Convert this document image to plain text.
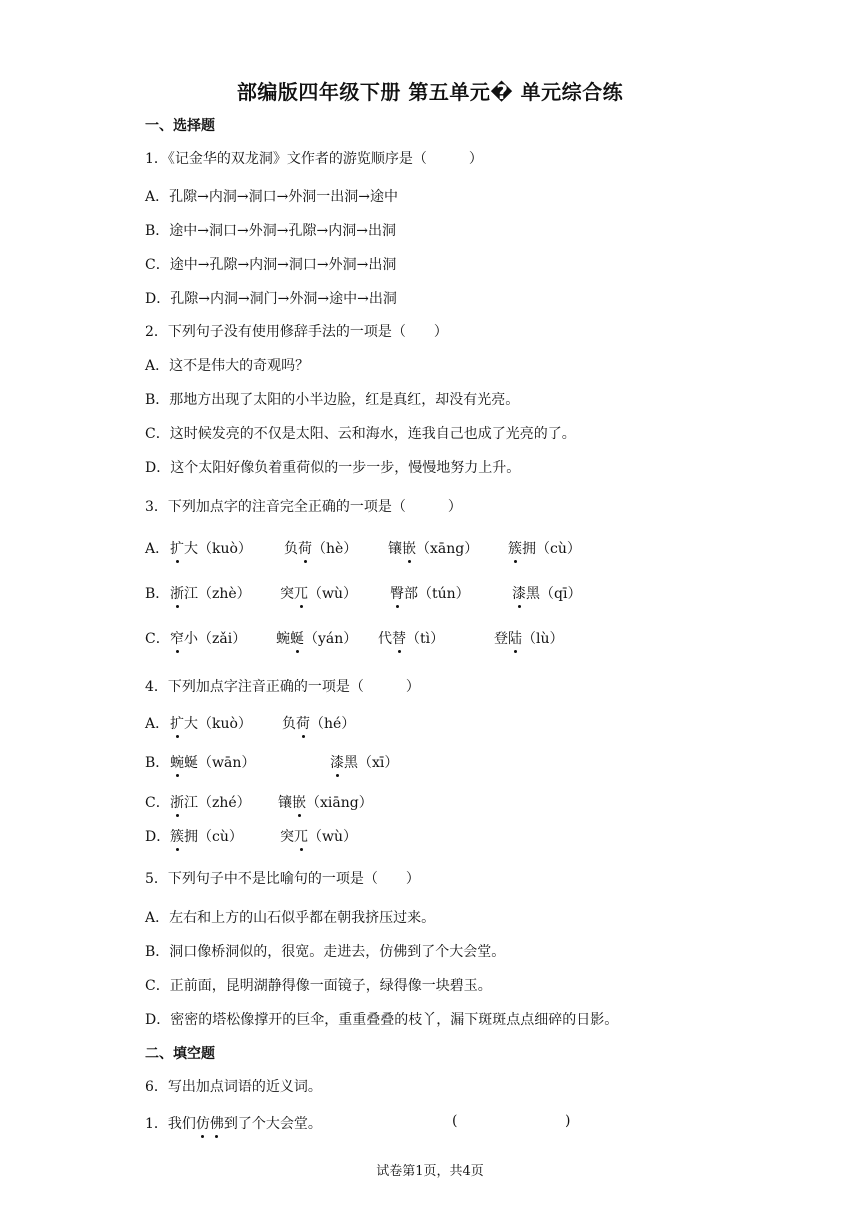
部编版四年级下册 第五单元� 单元综合练
一、选择题
1．《记金华的双龙洞》文作者的游览顺序是（　　　）
A．孔隙→内洞→洞口→外洞一出洞→途中
B．途中→洞口→外洞→孔隙→内洞→出洞
C．途中→孔隙→内洞→洞口→外洞→出洞
D．孔隙→内洞→洞门→外洞→途中→出洞
2．下列句子没有使用修辞手法的一项是（　　）
A．这不是伟大的奇观吗？
B．那地方出现了太阳的小半边脸，红是真红，却没有光亮。
C．这时候发亮的不仅是太阳、云和海水，连我自己也成了光亮的了。
D．这个太阳好像负着重荷似的一步一步，慢慢地努力上升。
3．下列加点字的注音完全正确的一项是（　　　）
A． 扩大（kuò） 负荷（hè） 镶嵌（xāng） 簇拥（cù）
B． 浙江（zhè） 突兀（wù） 臀部（tún）	漆黑（qī）
C． 窄小（zǎi） 蜿蜒（yán） 代替（tì）	登陆（lù）
4．下列加点字注音正确的一项是（　　　）
A． 扩大（kuò） 负荷（hé）
B． 蜿蜒（wān）	漆黑（xī）
C． 浙江（zhé） 镶嵌（xiāng）
D． 簇拥（cù）	突兀（wù）
5．下列句子中不是比喻句的一项是（　　）
A．左右和上方的山石似乎都在朝我挤压过来。
B．洞口像桥洞似的，很宽。走进去，仿佛到了个大会堂。
C．正前面，昆明湖静得像一面镜子，绿得像一块碧玉。
D．密密的塔松像撑开的巨伞，重重叠叠的枝丫，漏下斑斑点点细碎的日影。
二、填空题
6．写出加点词语的近义词。
1．我们仿佛到了个大会堂。	(	)
试卷第1页，共4页
